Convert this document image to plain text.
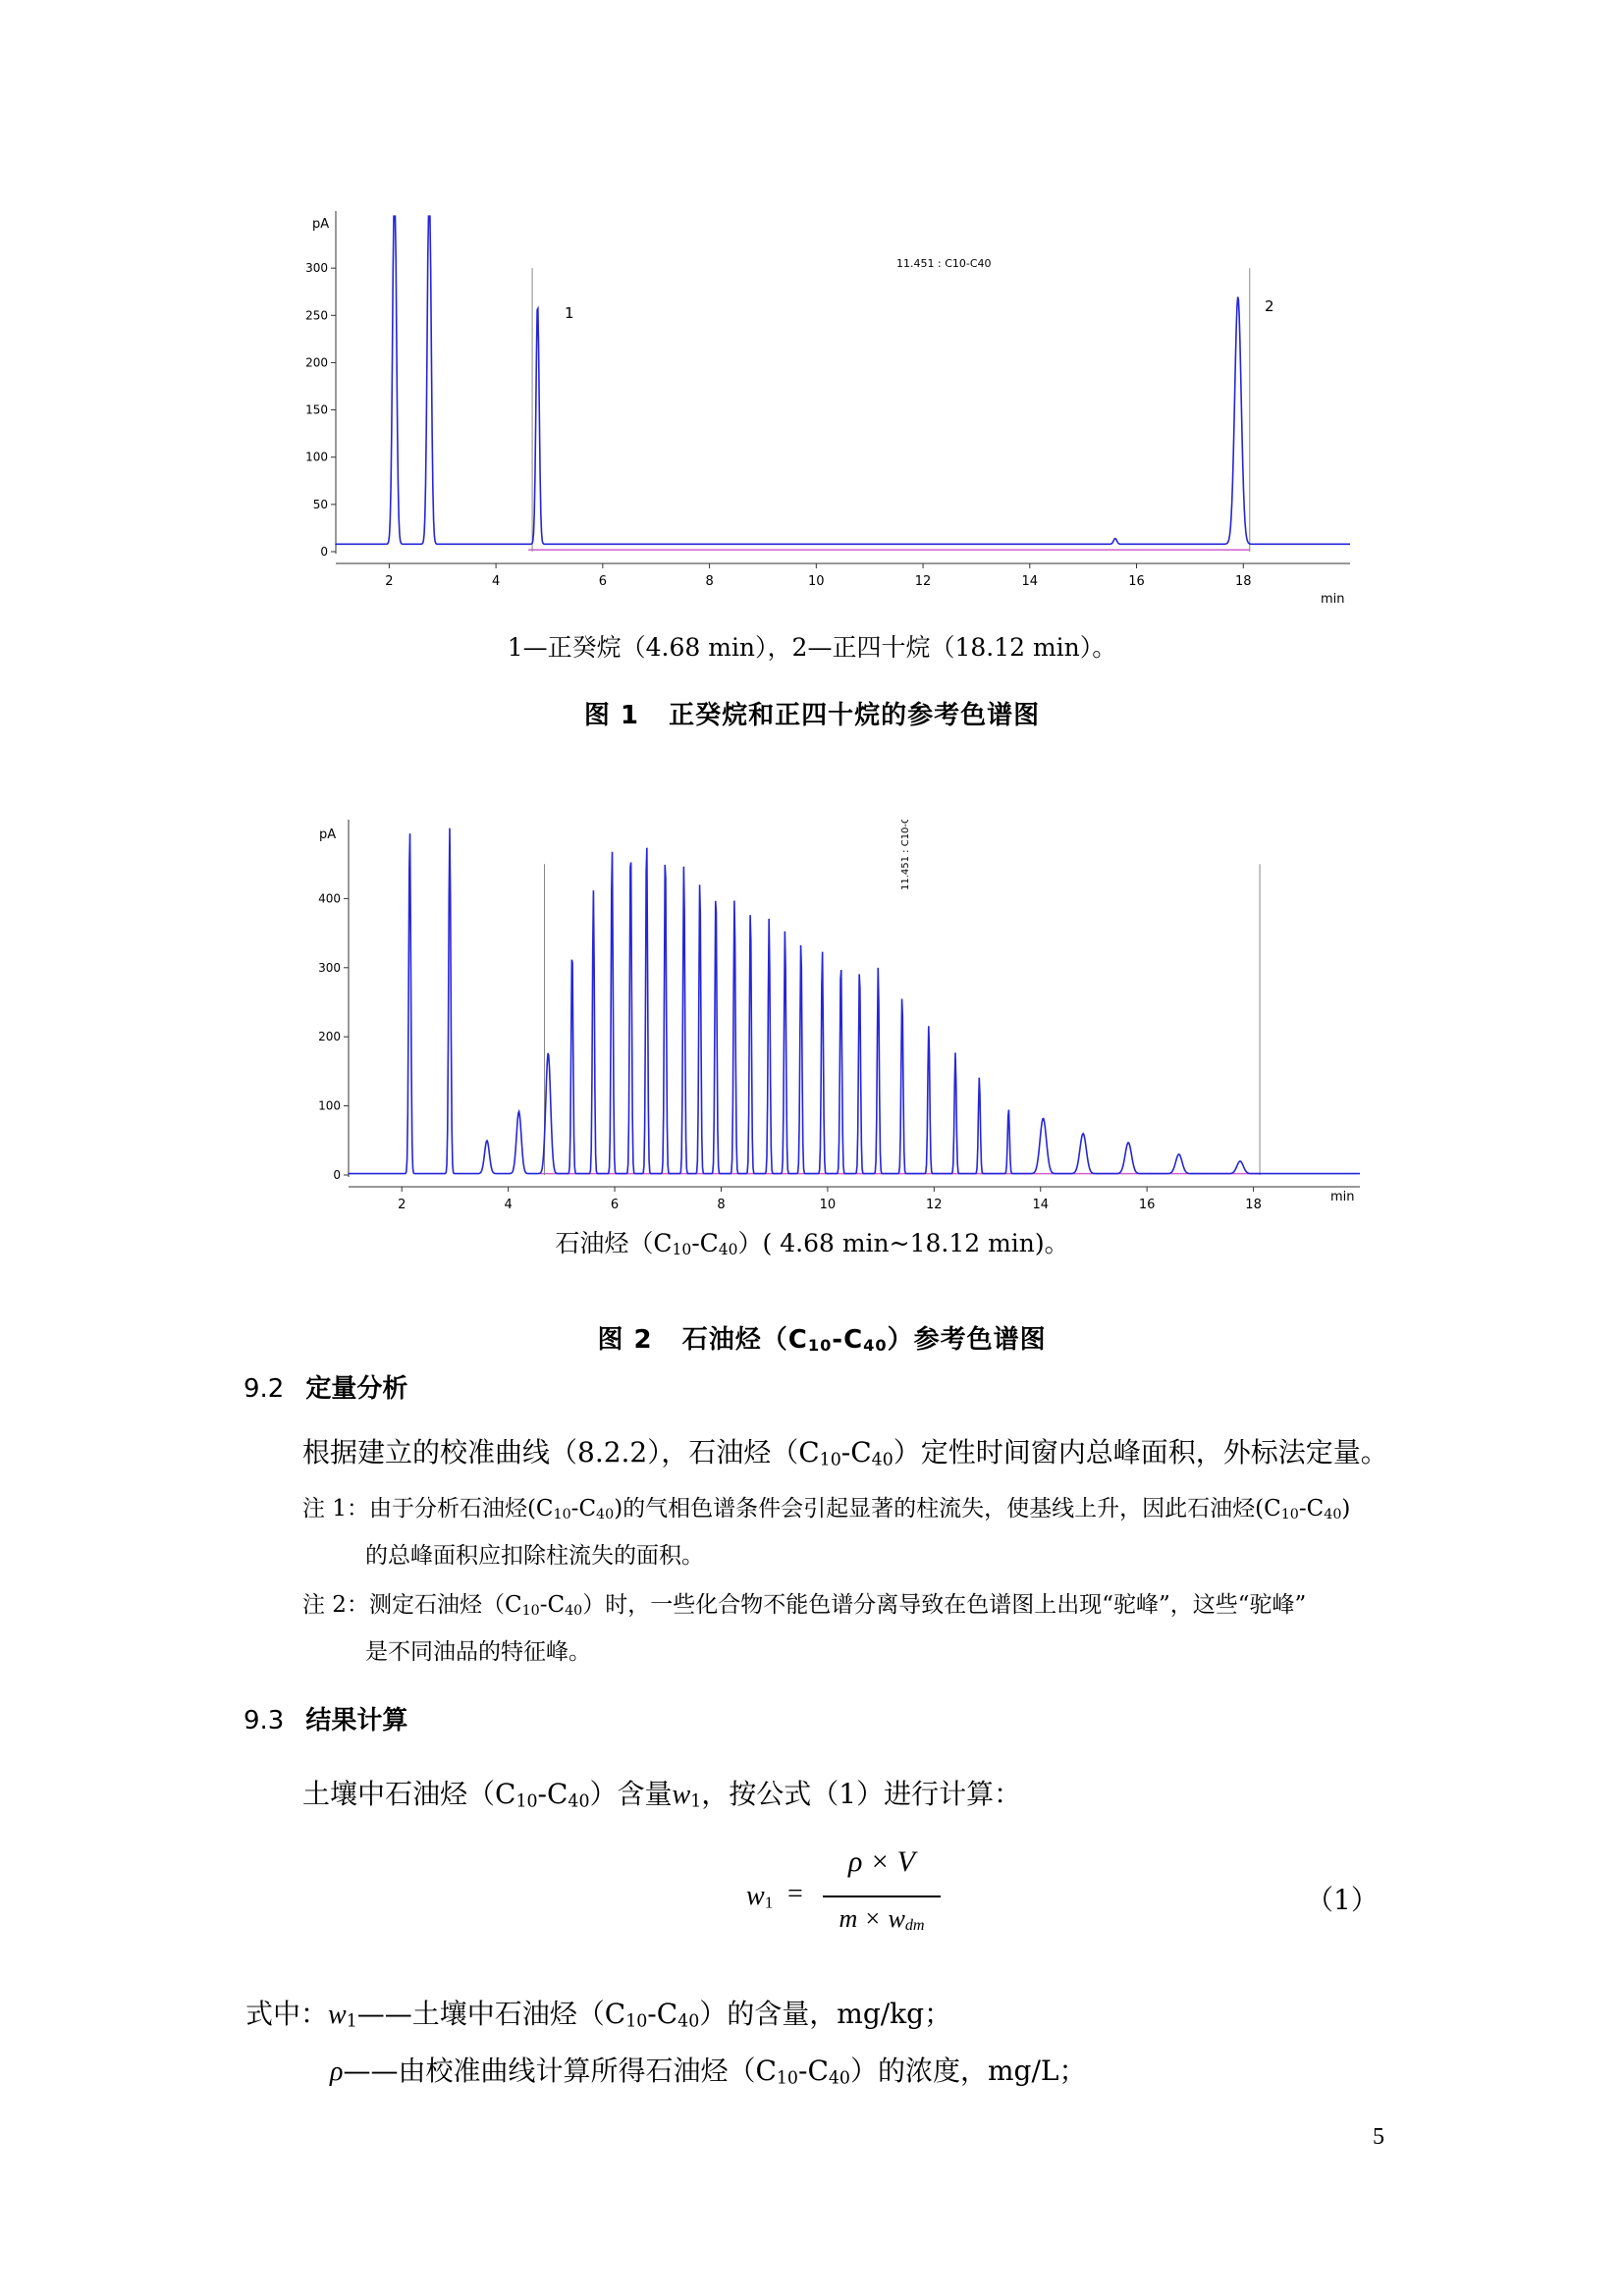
0
50
100
150
200
250
300
2	4	6	8	10	12	14	16	18
pA
11.451 : C10-C40
1	2
min
1—正癸烷（4.68 min），2—正四十烷（18.12 min）。
图 1   正癸烷和正四十烷的参考色谱图
0
100
200
300
400
2	4	6	8	10	12	14	16	18
pA	11.451 : C10-C40
min
石油烃$(C_{10}-C_{40})$( 4.68 min~18.12 min)。

图 2   石油烃$(C_{10}-C_{40})$参考色谱图

9.2 定量分析
根据建立的校准曲线（8.2.2），石油烃$(C_{10}-C_{40})$定性时间窗内总峰面积，外标法定量。
注 1：由于分析石油烃$(C_{10}-C_{40})$的气相色谱条件会引起显著的柱流失，使基线上升，因此石油烃$(C_{10}-C_{40})$
的总峰面积应扣除柱流失的面积。
注 2：测定石油烃$(C_{10}-C_{40})$时，一些化合物不能色谱分离导致在色谱图上出现“驼峰”，这些“驼峰”
是不同油品的特征峰。
9.3 结果计算
土壤中石油烃$(C_{10}-C_{40})$含量$w_1$，按公式（1）进行计算：
$w_1$ =
ρ × V
$m \times w_{dm}$
（1）
式中：$w_1——$土壤中石油烃$(C_{10}-C_{40})$的含量，mg/kg；
ρ——由校准曲线计算所得石油烃$(C_{10}-C_{40})$的浓度，mg/L；
5
